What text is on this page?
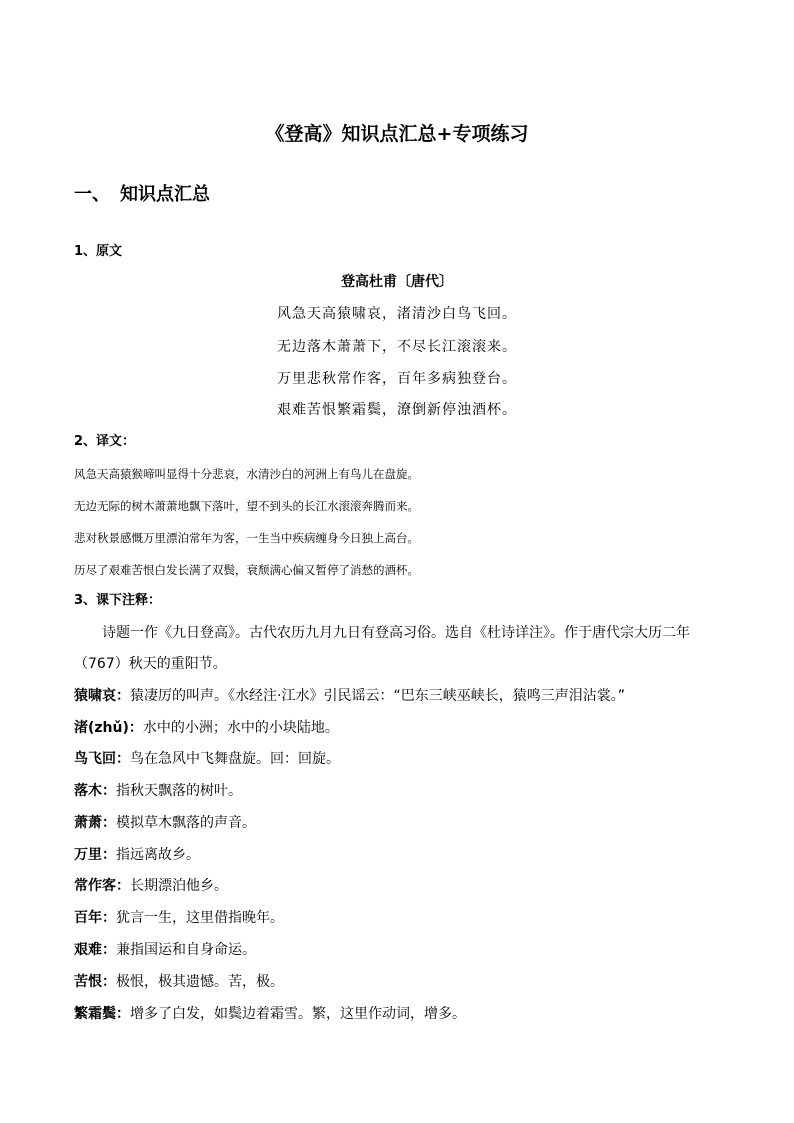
《登高》知识点汇总+专项练习
一、 知识点汇总
1、原文
登高杜甫〔唐代〕
风急天高猿啸哀，渚清沙白鸟飞回。
无边落木萧萧下，不尽长江滚滚来。
万里悲秋常作客，百年多病独登台。
艰难苦恨繁霜鬓，潦倒新停浊酒杯。
2、译文：
风急天高猿猴啼叫显得十分悲哀，水清沙白的河洲上有鸟儿在盘旋。
无边无际的树木萧萧地飘下落叶，望不到头的长江水滚滚奔腾而来。
悲对秋景感慨万里漂泊常年为客，一生当中疾病缠身今日独上高台。
历尽了艰难苦恨白发长满了双鬓，衰颓满心偏又暂停了消愁的酒杯。
3、课下注释：
诗题一作《九日登高》。古代农历九月九日有登高习俗。选自《杜诗详注》。作于唐代宗大历二年
（767）秋天的重阳节。
猿啸哀：猿凄厉的叫声。《水经注·江水》引民谣云：“巴东三峡巫峡长，猿鸣三声泪沾裳。”
渚(zhǔ)：水中的小洲；水中的小块陆地。
鸟飞回：鸟在急风中飞舞盘旋。回：回旋。
落木：指秋天飘落的树叶。
萧萧：模拟草木飘落的声音。
万里：指远离故乡。
常作客：长期漂泊他乡。
百年：犹言一生，这里借指晚年。
艰难：兼指国运和自身命运。
苦恨：极恨，极其遗憾。苦，极。
繁霜鬓：增多了白发，如鬓边着霜雪。繁，这里作动词，增多。
